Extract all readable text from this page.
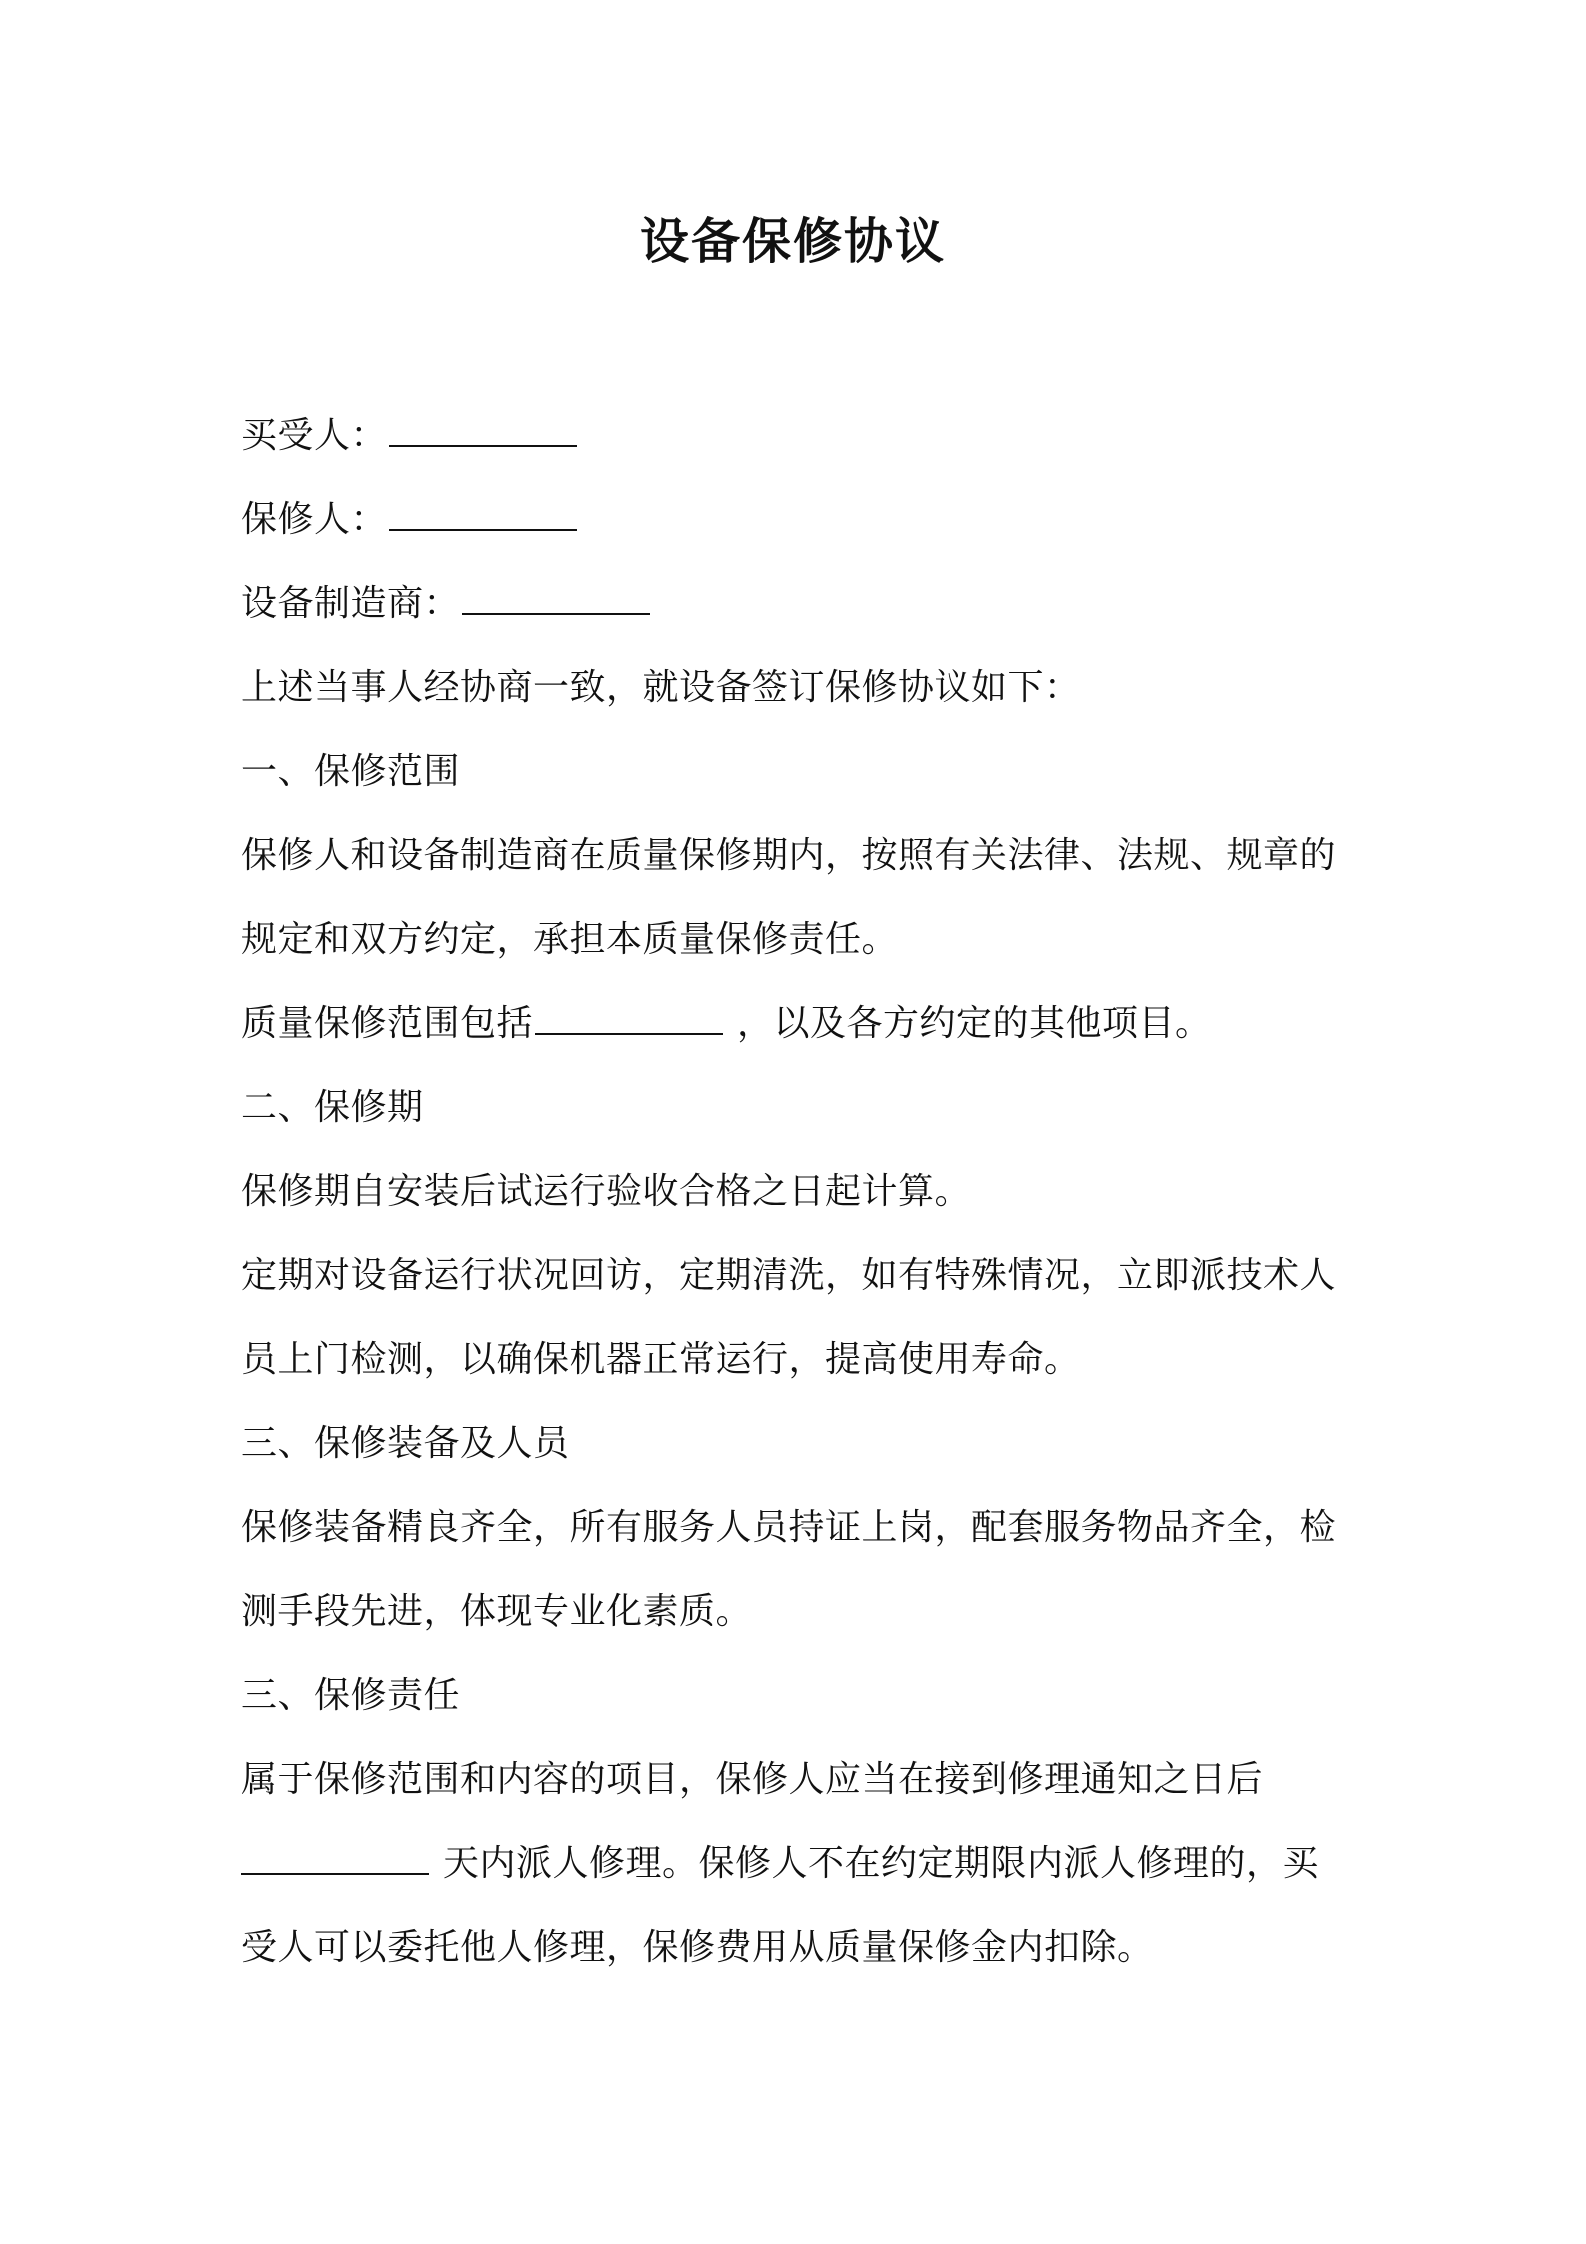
设备保修协议
买受人：
保修人：
设备制造商：
上述当事人经协商一致，就设备签订保修协议如下：
一、保修范围
保修人和设备制造商在质量保修期内，按照有关法律、法规、规章的
规定和双方约定，承担本质量保修责任。
质量保修范围包括	，以及各方约定的其他项目。
二、保修期
保修期自安装后试运行验收合格之日起计算。
定期对设备运行状况回访，定期清洗，如有特殊情况，立即派技术人
员上门检测，以确保机器正常运行，提高使用寿命。
三、保修装备及人员
保修装备精良齐全，所有服务人员持证上岗，配套服务物品齐全，检
测手段先进，体现专业化素质。
三、保修责任
属于保修范围和内容的项目，保修人应当在接到修理通知之日后
天内派人修理。保修人不在约定期限内派人修理的，买
受人可以委托他人修理，保修费用从质量保修金内扣除。
